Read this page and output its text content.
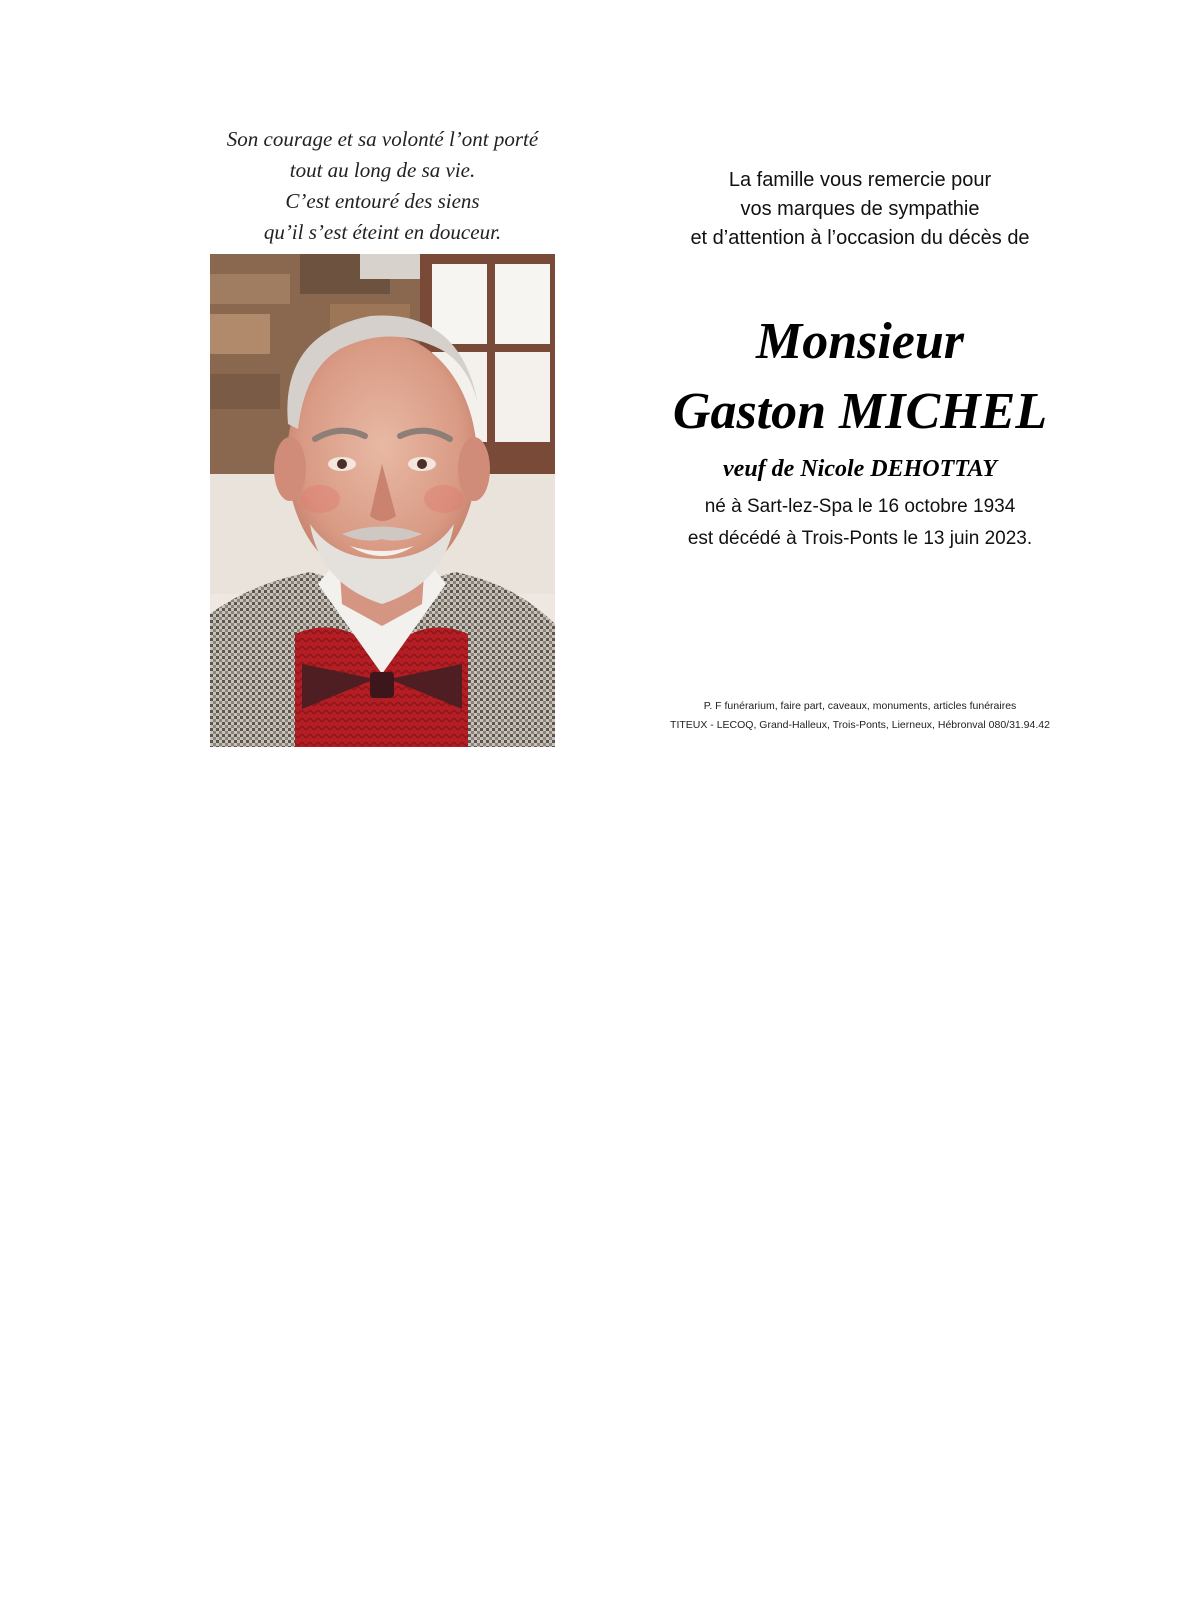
Son courage et sa volonté l’ont porté
tout au long de sa vie.
C’est entouré des siens
qu’il s’est éteint en douceur.
La famille vous remercie pour
vos marques de sympathie
et d’attention à l’occasion du décès de
Monsieur
Gaston MICHEL
veuf de Nicole DEHOTTAY
né à Sart-lez-Spa le 16 octobre 1934
est décédé à Trois-Ponts le 13 juin 2023.
P. F funérarium, faire part, caveaux, monuments, articles funéraires
TITEUX - LECOQ, Grand-Halleux, Trois-Ponts, Lierneux, Hébronval 080/31.94.42
